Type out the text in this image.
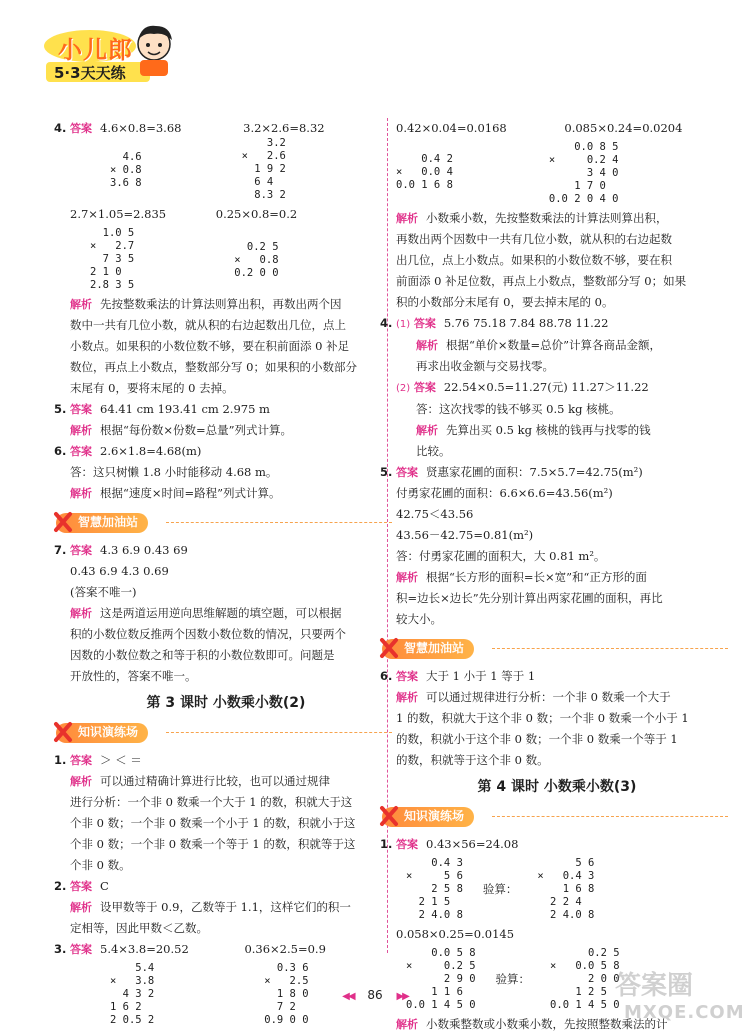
小儿郎
5·3天天练

4. 答案 4.6×0.8=3.68	3.2×2.6=8.32

4.6
× 0.8
3.6 8
3.2
×   2.6
1 9 2
6 4
8.3 2

2.7×1.05=2.835	0.25×0.8=0.2

1.0 5
×   2.7
7 3 5
2 1 0
2.8 3 5
0.2 5
×   0.8
0.2 0 0

解析 先按整数乘法的计算法则算出积，再数出两个因

数中一共有几位小数，就从积的右边起数出几位，点上

小数点。如果积的小数位数不够，要在积前面添 0 补足

数位，再点上小数点，整数部分写 0；如果积的小数部分

末尾有 0，要将末尾的 0 去掉。

5. 答案 64.41 cm 193.41 cm 2.975 m

解析 根据“每份数×份数=总量”列式计算。

6. 答案 2.6×1.8=4.68(m)

答：这只树懒 1.8 小时能移动 4.68 m。

解析 根据“速度×时间=路程”列式计算。

智慧加油站

7. 答案 4.3 6.9 0.43 69

0.43 6.9 4.3 0.69

(答案不唯一)

解析 这是两道运用逆向思维解题的填空题，可以根据

积的小数位数反推两个因数小数位数的情况，只要两个

因数的小数位数之和等于积的小数位数即可。问题是

开放性的，答案不唯一。

第 3 课时 小数乘小数(2)
知识演练场

1. 答案 ＞ ＜ ＝

解析 可以通过精确计算进行比较，也可以通过规律

进行分析：一个非 0 数乘一个大于 1 的数，积就大于这

个非 0 数；一个非 0 数乘一个小于 1 的数，积就小于这

个非 0 数；一个非 0 数乘一个等于 1 的数，积就等于这

个非 0 数。

2. 答案 C

解析 设甲数等于 0.9，乙数等于 1.1，这样它们的积一

定相等，因此甲数＜乙数。

3. 答案 5.4×3.8=20.52	0.36×2.5=0.9

5.4
×   3.8
4 3 2
1 6 2
2 0.5 2
0.3 6
×   2.5
1 8 0
7 2
0.9 0 0

0.42×0.04=0.0168	0.085×0.24=0.0204

0.4 2
×   0.0 4
0.0 1 6 8
0.0 8 5
×     0.2 4
3 4 0
1 7 0
0.0 2 0 4 0

解析 小数乘小数，先按整数乘法的计算法则算出积，

再数出两个因数中一共有几位小数，就从积的右边起数

出几位，点上小数点。如果积的小数位数不够，要在积

前面添 0 补足位数，再点上小数点，整数部分写 0；如果

积的小数部分末尾有 0，要去掉末尾的 0。

4. (1) 答案 5.76 75.18 7.84 88.78 11.22

解析 根据“单价×数量=总价”计算各商品金额，

再求出收金额与交易找零。

(2) 答案 22.54×0.5=11.27(元) 11.27＞11.22

答：这次找零的钱不够买 0.5 kg 核桃。

解析 先算出买 0.5 kg 核桃的钱再与找零的钱

比较。

5. 答案 贤惠家花圃的面积：7.5×5.7=42.75(m²)

付勇家花圃的面积：6.6×6.6=43.56(m²)

42.75＜43.56

43.56－42.75=0.81(m²)

答：付勇家花圃的面积大，大 0.81 m²。

解析 根据“长方形的面积=长×宽”和“正方形的面

积=边长×边长”先分别计算出两家花圃的面积，再比

较大小。

智慧加油站

6. 答案 大于 1 小于 1 等于 1

解析 可以通过规律进行分析：一个非 0 数乘一个大于

1 的数，积就大于这个非 0 数；一个非 0 数乘一个小于 1

的数，积就小于这个非 0 数；一个非 0 数乘一个等于 1

的数，积就等于这个非 0 数。

第 4 课时 小数乘小数(3)
知识演练场

1. 答案 0.43×56=24.08

0.4 3
×     5 6
2 5 8
2 1 5
2 4.0 8
验算：
5 6
×   0.4 3
1 6 8
2 2 4
2 4.0 8

0.058×0.25=0.0145

0.0 5 8
×     0.2 5
2 9 0
1 1 6
0.0 1 4 5 0
验算：
0.2 5
×   0.0 5 8
2 0 0
1 2 5
0.0 1 4 5 0

解析 小数乘整数或小数乘小数，先按照整数乘法的计

答案圈
MXQE.COM
◀◀ 86 ▶▶
